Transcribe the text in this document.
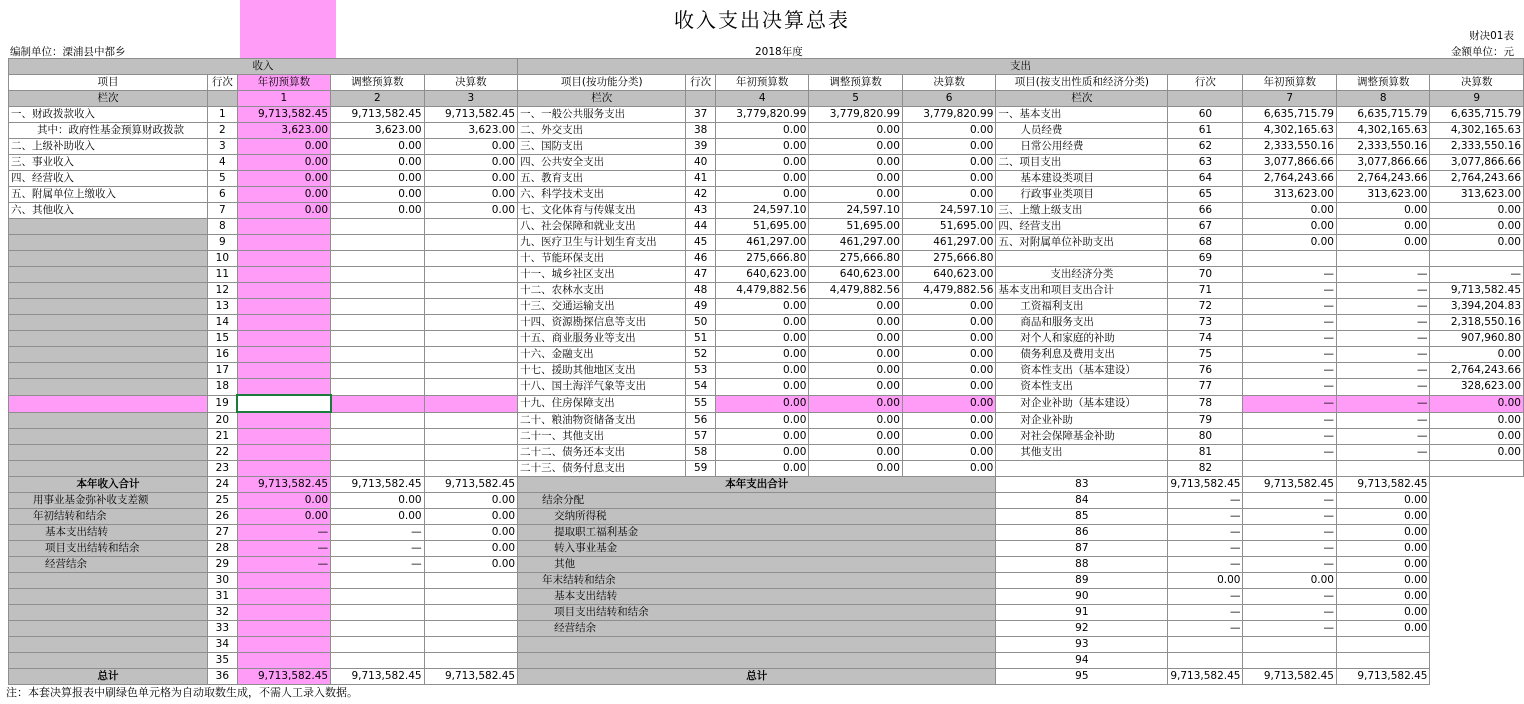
收入支出决算总表
财决01表
编制单位：溧浦县中都乡	2018年度	金额单位：元
收入					支出									
项目	行次	年初预算数	调整预算数	决算数	项目(按功能分类)	行次	年初预算数	调整预算数	决算数	项目(按支出性质和经济分类)	行次	年初预算数	调整预算数	决算数
栏次		1	2	3	栏次		4	5	6	栏次		7	8	9
一、财政拨款收入	1	9,713,582.45	9,713,582.45	9,713,582.45	一、一般公共服务支出	37	3,779,820.99	3,779,820.99	3,779,820.99	一、基本支出	60	6,635,715.79	6,635,715.79	6,635,715.79
其中：政府性基金预算财政拨款	2	3,623.00	3,623.00	3,623.00	二、外交支出	38	0.00	0.00	0.00	人员经费	61	4,302,165.63	4,302,165.63	4,302,165.63
二、上级补助收入	3	0.00	0.00	0.00	三、国防支出	39	0.00	0.00	0.00	日常公用经费	62	2,333,550.16	2,333,550.16	2,333,550.16
三、事业收入	4	0.00	0.00	0.00	四、公共安全支出	40	0.00	0.00	0.00	二、项目支出	63	3,077,866.66	3,077,866.66	3,077,866.66
四、经营收入	5	0.00	0.00	0.00	五、教育支出	41	0.00	0.00	0.00	基本建设类项目	64	2,764,243.66	2,764,243.66	2,764,243.66
五、附属单位上缴收入	6	0.00	0.00	0.00	六、科学技术支出	42	0.00	0.00	0.00	行政事业类项目	65	313,623.00	313,623.00	313,623.00
六、其他收入	7	0.00	0.00	0.00	七、文化体育与传媒支出	43	24,597.10	24,597.10	24,597.10	三、上缴上级支出	66	0.00	0.00	0.00
	8				八、社会保障和就业支出	44	51,695.00	51,695.00	51,695.00	四、经营支出	67	0.00	0.00	0.00
	9				九、医疗卫生与计划生育支出	45	461,297.00	461,297.00	461,297.00	五、对附属单位补助支出	68	0.00	0.00	0.00
	10				十、节能环保支出	46	275,666.80	275,666.80	275,666.80		69			
	11				十一、城乡社区支出	47	640,623.00	640,623.00	640,623.00	支出经济分类	70	—	—	—
	12				十二、农林水支出	48	4,479,882.56	4,479,882.56	4,479,882.56	基本支出和项目支出合计	71	—	—	9,713,582.45
	13				十三、交通运输支出	49	0.00	0.00	0.00	工资福利支出	72	—	—	3,394,204.83
	14				十四、资源勘探信息等支出	50	0.00	0.00	0.00	商品和服务支出	73	—	—	2,318,550.16
	15				十五、商业服务业等支出	51	0.00	0.00	0.00	对个人和家庭的补助	74	—	—	907,960.80
	16				十六、金融支出	52	0.00	0.00	0.00	债务利息及费用支出	75	—	—	0.00
	17				十七、援助其他地区支出	53	0.00	0.00	0.00	资本性支出（基本建设）	76	—	—	2,764,243.66
	18				十八、国土海洋气象等支出	54	0.00	0.00	0.00	资本性支出	77	—	—	328,623.00
	19				十九、住房保障支出	55	0.00	0.00	0.00	对企业补助（基本建设）	78	—	—	0.00
	20				二十、粮油物资储备支出	56	0.00	0.00	0.00	对企业补助	79	—	—	0.00
	21				二十一、其他支出	57	0.00	0.00	0.00	对社会保障基金补助	80	—	—	0.00
	22				二十二、债务还本支出	58	0.00	0.00	0.00	其他支出	81	—	—	0.00
	23				二十三、债务付息支出	59	0.00	0.00	0.00		82			
本年收入合计	24	9,713,582.45	9,713,582.45	9,713,582.45	本年支出合计					83	9,713,582.45	9,713,582.45	9,713,582.45	
用事业基金弥补收支差额	25	0.00	0.00	0.00	结余分配					84	—	—	0.00	
年初结转和结余	26	0.00	0.00	0.00	交纳所得税					85	—	—	0.00	
基本支出结转	27	—	—	0.00	提取职工福利基金					86	—	—	0.00	
项目支出结转和结余	28	—	—	0.00	转入事业基金					87	—	—	0.00	
经营结余	29	—	—	0.00	其他					88	—	—	0.00	
	30				年末结转和结余					89	0.00	0.00	0.00	
	31				基本支出结转					90	—	—	0.00	
	32				项目支出结转和结余					91	—	—	0.00	
	33				经营结余					92	—	—	0.00	
	34									93				
	35									94				
总计	36	9,713,582.45	9,713,582.45	9,713,582.45	总计					95	9,713,582.45	9,713,582.45	9,713,582.45	
注：本套决算报表中刷绿色单元格为自动取数生成，不需人工录入数据。
